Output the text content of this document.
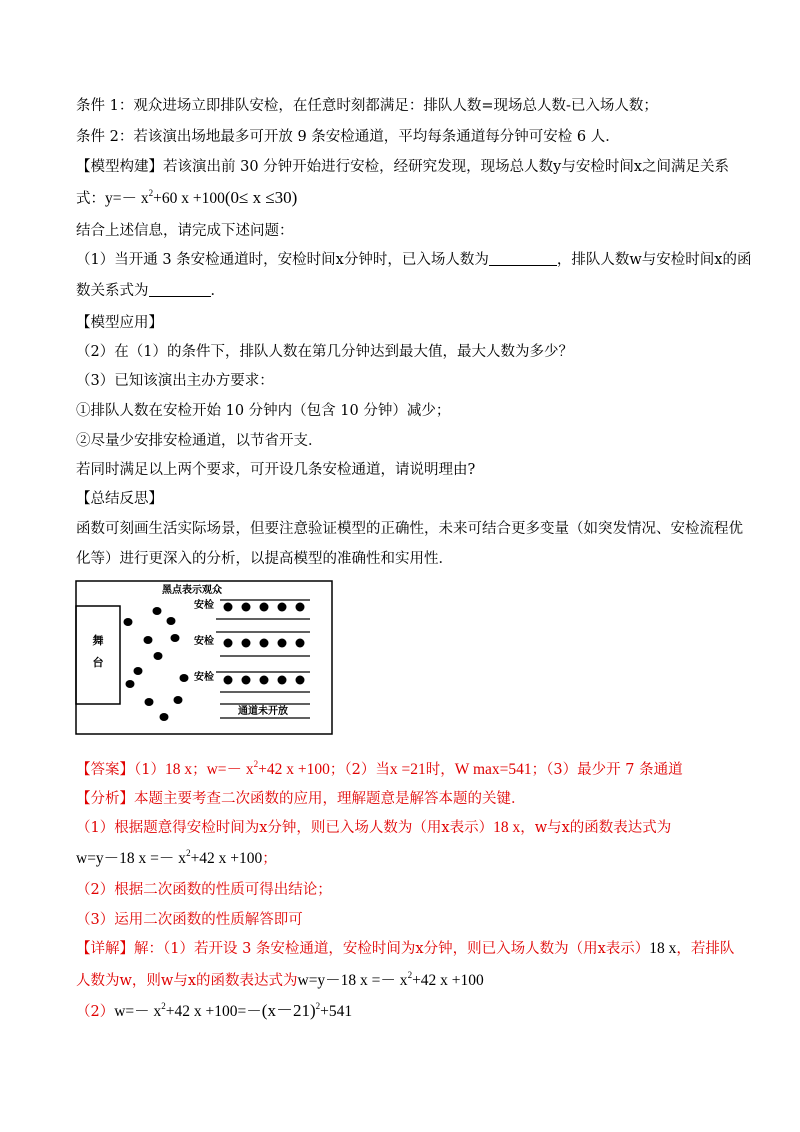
条件 1：观众进场立即排队安检，在任意时刻都满足：排队人数=现场总人数-已入场人数；
条件 2：若该演出场地最多可开放 9 条安检通道，平均每条通道每分钟可安检 6 人．
【模型构建】若该演出前 30 分钟开始进行安检，经研究发现，现场总人数y与安检时间x之间满足关系
式：$y=- x^2+60$ x +100(0≤ x ≤30)
结合上述信息，请完成下述问题：
（1）当开通 3 条安检通道时，安检时间x分钟时，已入场人数为	，排队人数w与安检时间x的函
数关系式为	．
【模型应用】
（2）在（1）的条件下，排队人数在第几分钟达到最大值，最大人数为多少？
（3）已知该演出主办方要求：
①排队人数在安检开始 10 分钟内（包含 10 分钟）减少；
②尽量少安排安检通道，以节省开支．
若同时满足以上两个要求，可开设几条安检通道，请说明理由?
【总结反思】
函数可刻画生活实际场景，但要注意验证模型的正确性，未来可结合更多变量（如突发情况、安检流程优
化等）进行更深入的分析，以提高模型的准确性和实用性．
黑点表示观众
安检
安检
安检
通道未开放
舞
台
【答案】（1）18 x；$w=- x^2+42$ x +100；（2）当x =21时，W max=541；（3）最少开 7 条通道
【分析】本题主要考查二次函数的应用，理解题意是解答本题的关键．
（1）根据题意得安检时间为x分钟，则已入场人数为（用x表示）18 x，w与x的函数表达式为
w=y－18 $x =- x^2+42$ x +100；
（2）根据二次函数的性质可得出结论；
（3）运用二次函数的性质解答即可
【详解】解：（1）若开设 3 条安检通道，安检时间为x分钟，则已入场人数为（用x表示）18 x，若排队
人数为w，则w与x的函数表达式为w=y－18 $x =- x^2+42$ x +100
$(2)w=- x^2+42$ $x +100=-(x-21)^2+541$
